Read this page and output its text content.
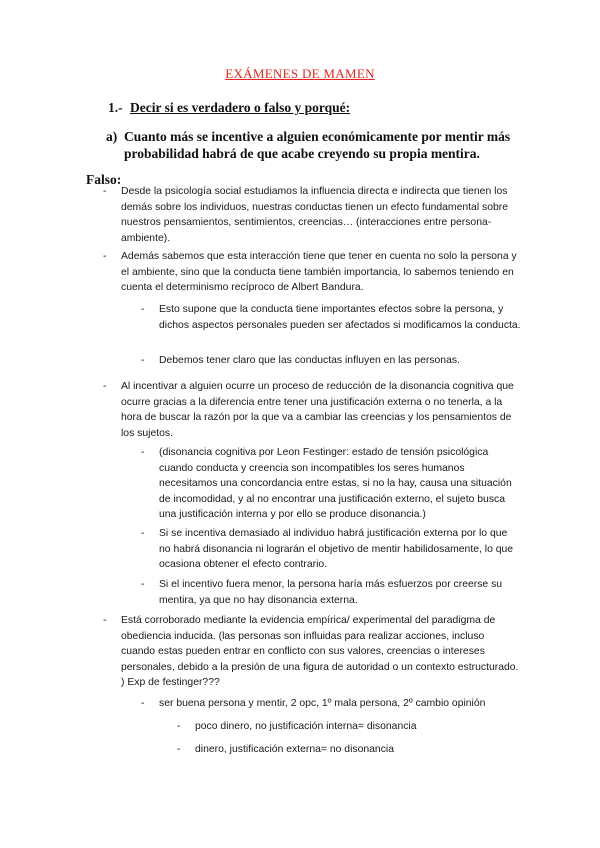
EXÁMENES DE MAMEN
1.- Decir si es verdadero o falso y porqué:
a) Cuanto más se incentive a alguien económicamente por mentir más probabilidad habrá de que acabe creyendo su propia mentira.
Falso:
- Desde la psicología social estudiamos la influencia directa e indirecta que tienen los demás sobre los individuos, nuestras conductas tienen un efecto fundamental sobre nuestros pensamientos, sentimientos, creencias… (interacciones entre persona-ambiente).
- Además sabemos que esta interacción tiene que tener en cuenta no solo la persona y el ambiente, sino que la conducta tiene también importancia, lo sabemos teniendo en cuenta el determinismo recíproco de Albert Bandura.
- Esto supone que la conducta tiene importantes efectos sobre la persona, y dichos aspectos personales pueden ser afectados si modificamos la conducta.
- Debemos tener claro que las conductas influyen en las personas.
- Al incentivar a alguien ocurre un proceso de reducción de la disonancia cognitiva que ocurre gracias a la diferencia entre tener una justificación externa o no tenerla, a la hora de buscar la razón por la que va a cambiar las creencias y los pensamientos de los sujetos.
- (disonancia cognitiva por Leon Festinger: estado de tensión psicológica cuando conducta y creencia son incompatibles los seres humanos necesitamos una concordancia entre estas, si no la hay, causa una situación de incomodidad, y al no encontrar una justificación externo, el sujeto busca una justificación interna y por ello se produce disonancia.)
- Si se incentiva demasiado al individuo habrá justificación externa por lo que no habrá disonancia ni lograrán el objetivo de mentir habilidosamente, lo que ocasiona obtener el efecto contrario.
- Si el incentivo fuera menor, la persona haría más esfuerzos por creerse su mentira, ya que no hay disonancia externa.
- Está corroborado mediante la evidencia empírica/ experimental del paradigma de obediencia inducida. (las personas son influidas para realizar acciones, incluso cuando estas pueden entrar en conflicto con sus valores, creencias o intereses personales, debido a la presión de una figura de autoridad o un contexto estructurado. ) Exp de festinger???
- ser buena persona y mentir, 2 opc, 1º mala persona, 2º cambio opinión
- poco dinero, no justificación interna= disonancia
- dinero, justificación externa= no disonancia
